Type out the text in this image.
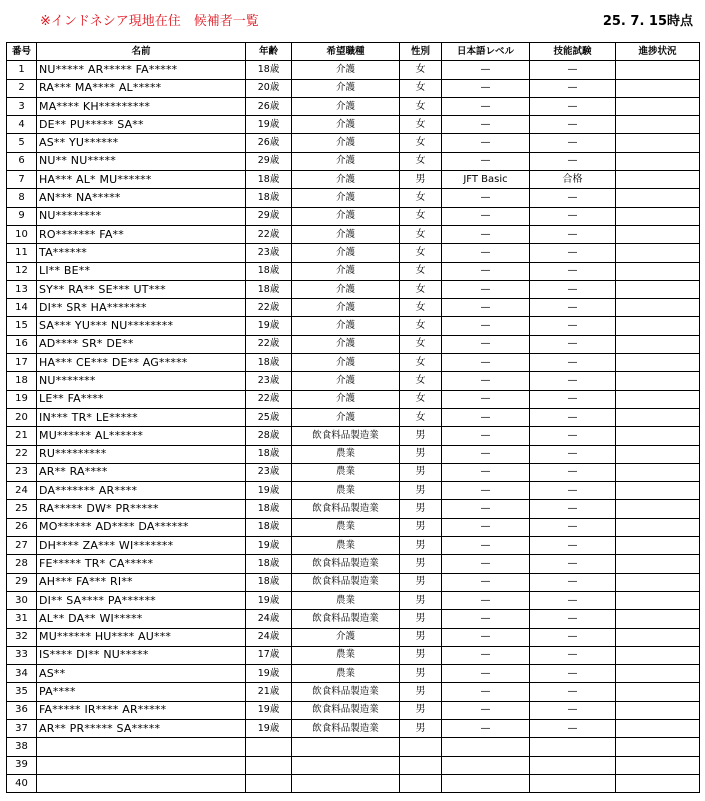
※インドネシア現地在住　候補者一覧	25. 7. 15時点
番号	名前	年齢	希望職種	性別	日本語レベル	技能試験	進捗状況
1	NU***** AR***** FA*****	18歳	介護	女	—	—	
2	RA*** MA**** AL*****	20歳	介護	女	—	—	
3	MA**** KH*********	26歳	介護	女	—	—	
4	DE** PU***** SA**	19歳	介護	女	—	—	
5	AS** YU******	26歳	介護	女	—	—	
6	NU** NU*****	29歳	介護	女	—	—	
7	HA*** AL* MU******	18歳	介護	男	JFT Basic	合格	
8	AN*** NA*****	18歳	介護	女	—	—	
9	NU********	29歳	介護	女	—	—	
10	RO******* FA**	22歳	介護	女	—	—	
11	TA******	23歳	介護	女	—	—	
12	LI** BE**	18歳	介護	女	—	—	
13	SY** RA** SE*** UT***	18歳	介護	女	—	—	
14	DI** SR* HA*******	22歳	介護	女	—	—	
15	SA*** YU*** NU********	19歳	介護	女	—	—	
16	AD**** SR* DE**	22歳	介護	女	—	—	
17	HA*** CE*** DE** AG*****	18歳	介護	女	—	—	
18	NU*******	23歳	介護	女	—	—	
19	LE** FA****	22歳	介護	女	—	—	
20	IN*** TR* LE*****	25歳	介護	女	—	—	
21	MU****** AL******	28歳	飲食料品製造業	男	—	—	
22	RU*********	18歳	農業	男	—	—	
23	AR** RA****	23歳	農業	男	—	—	
24	DA******* AR****	19歳	農業	男	—	—	
25	RA***** DW* PR*****	18歳	飲食料品製造業	男	—	—	
26	MO****** AD**** DA******	18歳	農業	男	—	—	
27	DH**** ZA*** WI*******	19歳	農業	男	—	—	
28	FE***** TR* CA*****	18歳	飲食料品製造業	男	—	—	
29	AH*** FA*** RI**	18歳	飲食料品製造業	男	—	—	
30	DI** SA**** PA******	19歳	農業	男	—	—	
31	AL** DA** WI*****	24歳	飲食料品製造業	男	—	—	
32	MU****** HU**** AU***	24歳	介護	男	—	—	
33	IS**** DI** NU*****	17歳	農業	男	—	—	
34	AS**	19歳	農業	男	—	—	
35	PA****	21歳	飲食料品製造業	男	—	—	
36	FA***** IR**** AR*****	19歳	飲食料品製造業	男	—	—	
37	AR** PR***** SA*****	19歳	飲食料品製造業	男	—	—	
38							
39							
40							
